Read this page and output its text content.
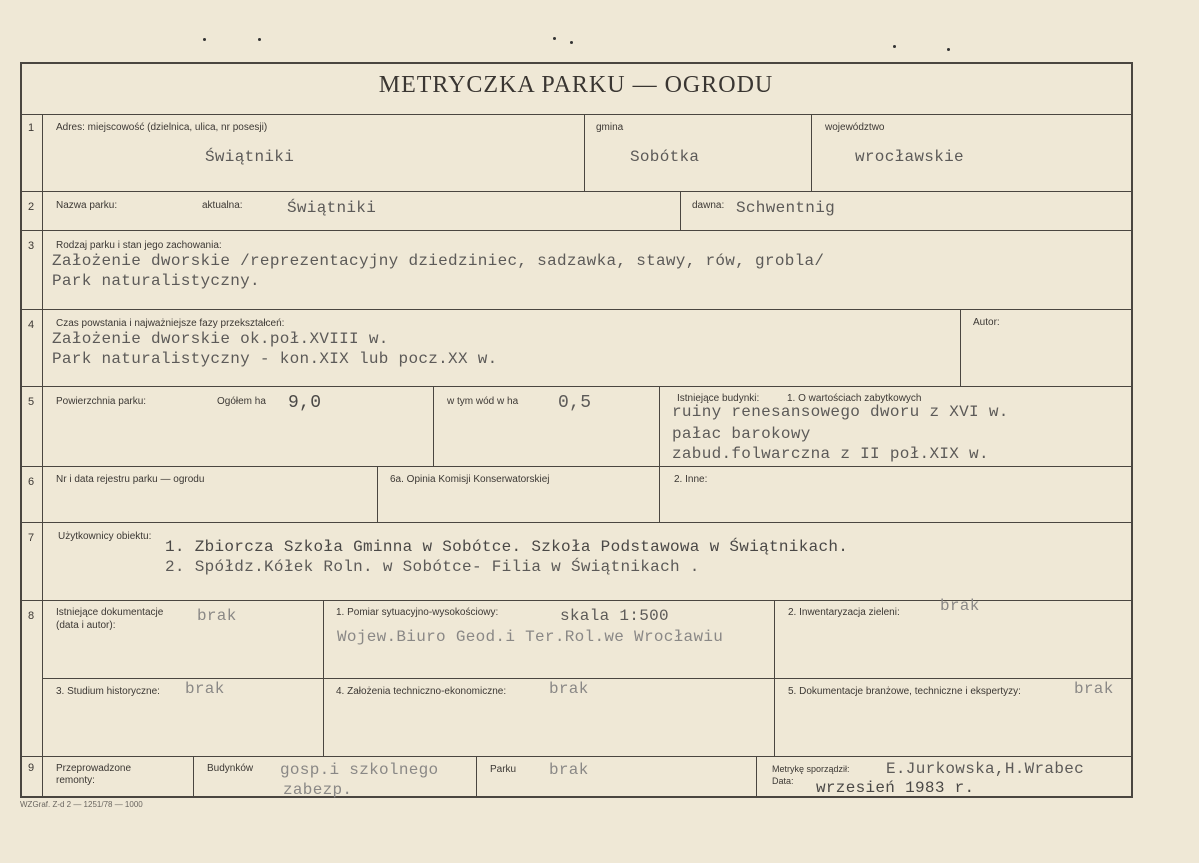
METRYCZKA PARKU — OGRODU
1 Adres: miejscowość (dzielnica, ulica, nr posesji)
Świątniki
gmina
Sobótka
województwo
wrocławskie
2 Nazwa parku:	aktualna:	Świątniki	dawna: Schwentnig
3 Rodzaj parku i stan jego zachowania:
Założenie dworskie /reprezentacyjny dziedziniec, sadzawka, stawy, rów, grobla/
Park naturalistyczny.
4 Czas powstania i najważniejsze fazy przekształceń:
Założenie dworskie ok.poł.XVIII w.
Park naturalistyczny - kon.XIX lub pocz.XX w.
Autor:
5 Powierzchnia parku:	Ogółem ha 9,0	w tym wód w ha 0,5	Istniejące budynki:	1. O wartościach zabytkowych
ruiny renesansowego dworu z XVI w.
pałac barokowy
zabud.folwarczna z II poł.XIX w.
6 Nr i data rejestru parku — ogrodu	6a. Opinia Komisji Konserwatorskiej	2. Inne:
7 Użytkownicy obiektu:
1. Zbiorcza Szkoła Gminna w Sobótce. Szkoła Podstawowa w Świątnikach.
2. Spółdz.Kółek Roln. w Sobótce- Filia w Świątnikach .
8 Istniejące dokumentacje
(data i autor):
brak	1. Pomiar sytuacyjno-wysokościowy:	skala 1:500
Wojew.Biuro Geod.i Ter.Rol.we Wrocławiu
2. Inwentaryzacja zieleni:	brak
3. Studium historyczne: brak	4. Założenia techniczno-ekonomiczne:	brak	5. Dokumentacje branżowe, techniczne i ekspertyzy:	brak
9 Przeprowadzone
remonty:
Budynków gosp.i szkolnego
zabezp.
Parku brak	Metrykę sporządził: E.Jurkowska,H.Wrabec
Data: wrzesień 1983 r.
WZGraf. Z-d 2 — 1251/78 — 1000
